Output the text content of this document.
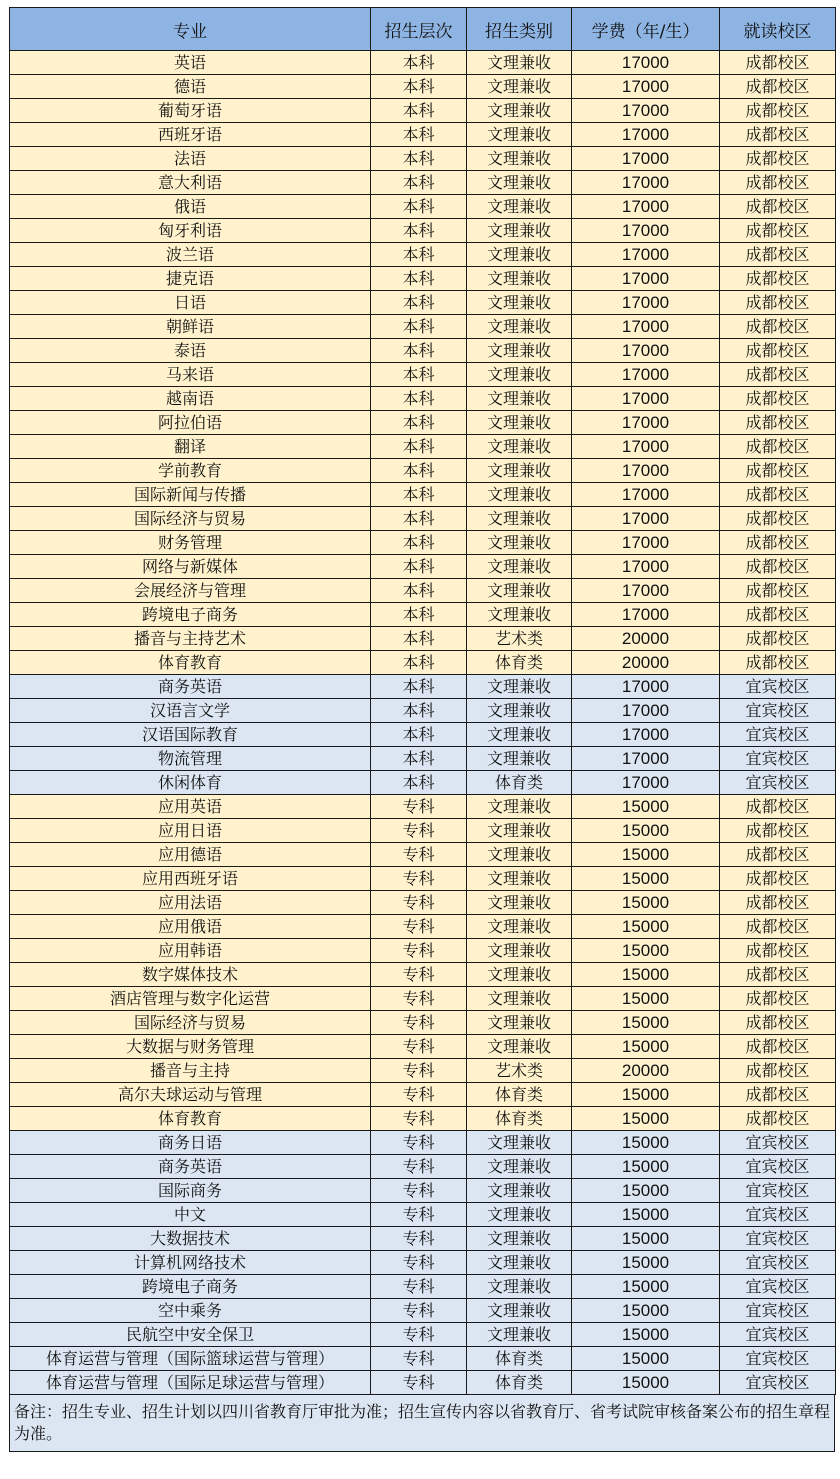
专业	招生层次	招生类别	学费（年/生）	就读校区
英语	本科	文理兼收	17000	成都校区
德语	本科	文理兼收	17000	成都校区
葡萄牙语	本科	文理兼收	17000	成都校区
西班牙语	本科	文理兼收	17000	成都校区
法语	本科	文理兼收	17000	成都校区
意大利语	本科	文理兼收	17000	成都校区
俄语	本科	文理兼收	17000	成都校区
匈牙利语	本科	文理兼收	17000	成都校区
波兰语	本科	文理兼收	17000	成都校区
捷克语	本科	文理兼收	17000	成都校区
日语	本科	文理兼收	17000	成都校区
朝鲜语	本科	文理兼收	17000	成都校区
泰语	本科	文理兼收	17000	成都校区
马来语	本科	文理兼收	17000	成都校区
越南语	本科	文理兼收	17000	成都校区
阿拉伯语	本科	文理兼收	17000	成都校区
翻译	本科	文理兼收	17000	成都校区
学前教育	本科	文理兼收	17000	成都校区
国际新闻与传播	本科	文理兼收	17000	成都校区
国际经济与贸易	本科	文理兼收	17000	成都校区
财务管理	本科	文理兼收	17000	成都校区
网络与新媒体	本科	文理兼收	17000	成都校区
会展经济与管理	本科	文理兼收	17000	成都校区
跨境电子商务	本科	文理兼收	17000	成都校区
播音与主持艺术	本科	艺术类	20000	成都校区
体育教育	本科	体育类	20000	成都校区
商务英语	本科	文理兼收	17000	宜宾校区
汉语言文学	本科	文理兼收	17000	宜宾校区
汉语国际教育	本科	文理兼收	17000	宜宾校区
物流管理	本科	文理兼收	17000	宜宾校区
休闲体育	本科	体育类	17000	宜宾校区
应用英语	专科	文理兼收	15000	成都校区
应用日语	专科	文理兼收	15000	成都校区
应用德语	专科	文理兼收	15000	成都校区
应用西班牙语	专科	文理兼收	15000	成都校区
应用法语	专科	文理兼收	15000	成都校区
应用俄语	专科	文理兼收	15000	成都校区
应用韩语	专科	文理兼收	15000	成都校区
数字媒体技术	专科	文理兼收	15000	成都校区
酒店管理与数字化运营	专科	文理兼收	15000	成都校区
国际经济与贸易	专科	文理兼收	15000	成都校区
大数据与财务管理	专科	文理兼收	15000	成都校区
播音与主持	专科	艺术类	20000	成都校区
高尔夫球运动与管理	专科	体育类	15000	成都校区
体育教育	专科	体育类	15000	成都校区
商务日语	专科	文理兼收	15000	宜宾校区
商务英语	专科	文理兼收	15000	宜宾校区
国际商务	专科	文理兼收	15000	宜宾校区
中文	专科	文理兼收	15000	宜宾校区
大数据技术	专科	文理兼收	15000	宜宾校区
计算机网络技术	专科	文理兼收	15000	宜宾校区
跨境电子商务	专科	文理兼收	15000	宜宾校区
空中乘务	专科	文理兼收	15000	宜宾校区
民航空中安全保卫	专科	文理兼收	15000	宜宾校区
体育运营与管理（国际篮球运营与管理）	专科	体育类	15000	宜宾校区
体育运营与管理（国际足球运营与管理）	专科	体育类	15000	宜宾校区
备注：招生专业、招生计划以四川省教育厅审批为准；招生宣传内容以省教育厅、省考试院审核备案公布的招生章程为准。
